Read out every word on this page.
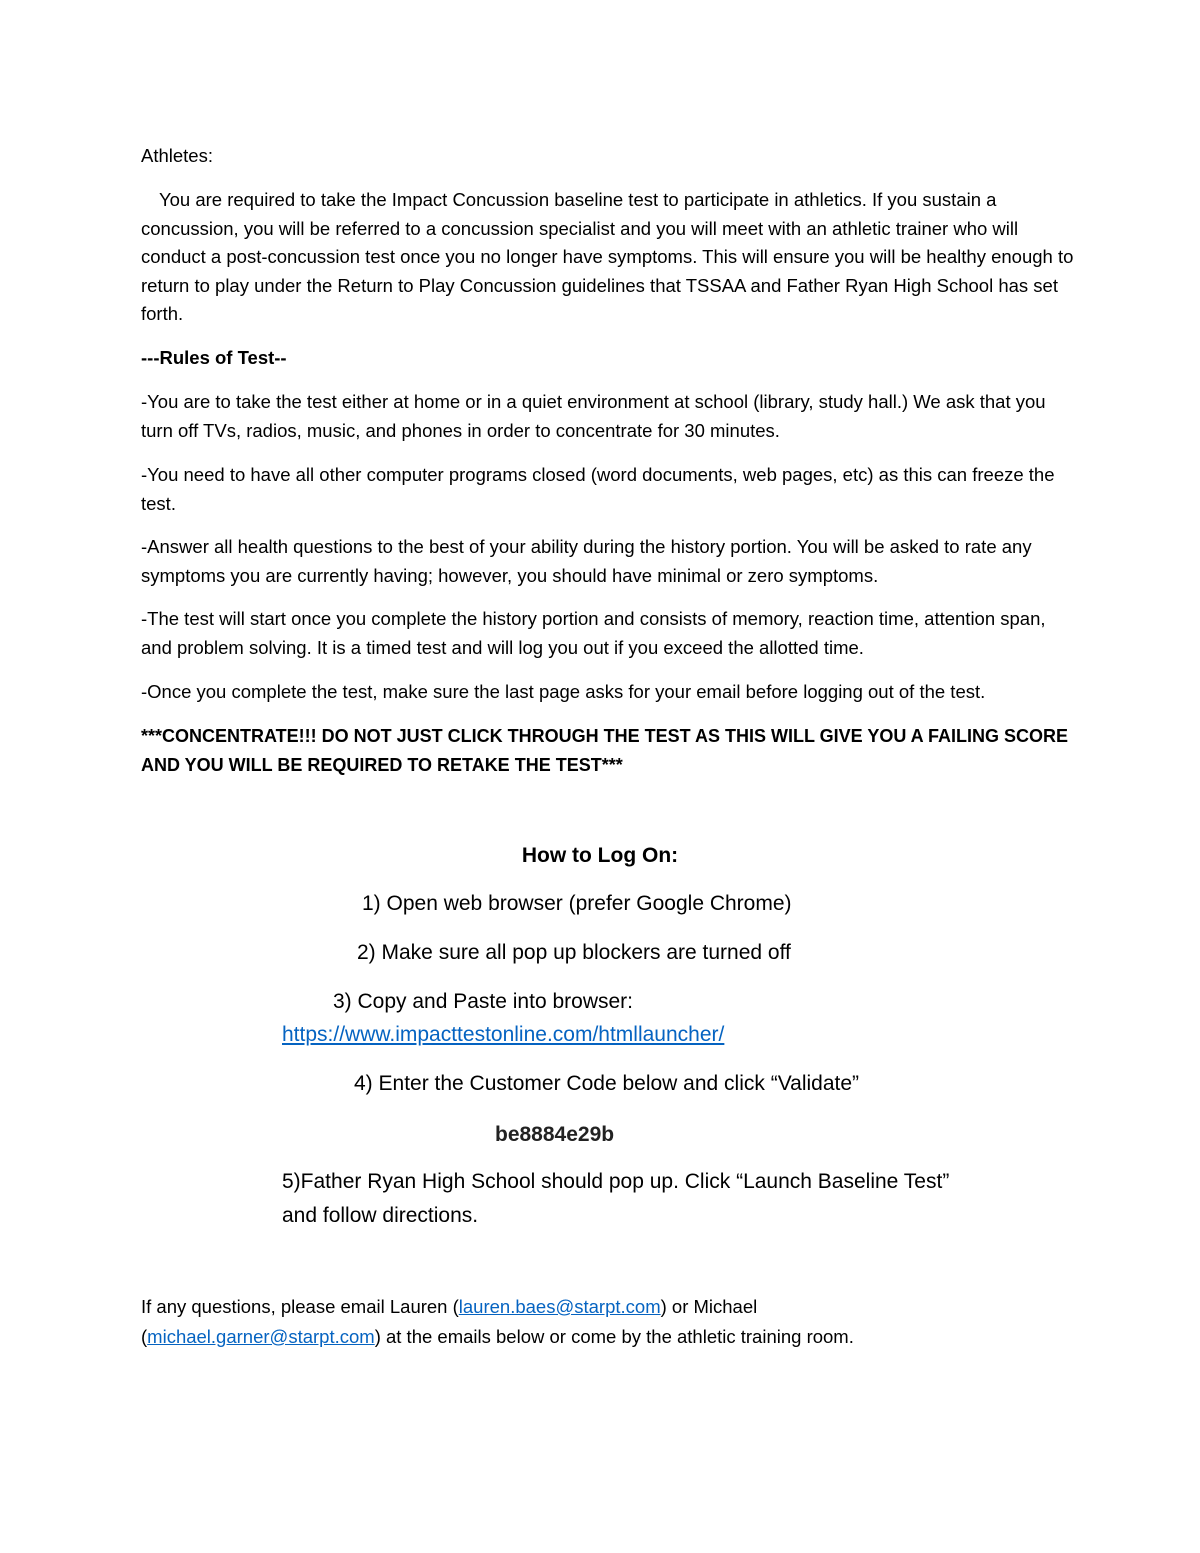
Athletes:

You are required to take the Impact Concussion baseline test to participate in athletics. If you sustain a concussion, you will be referred to a concussion specialist and you will meet with an athletic trainer who will conduct a post-concussion test once you no longer have symptoms. This will ensure you will be healthy enough to return to play under the Return to Play Concussion guidelines that TSSAA and Father Ryan High School has set forth.

---Rules of Test--

-You are to take the test either at home or in a quiet environment at school (library, study hall.) We ask that you turn off TVs, radios, music, and phones in order to concentrate for 30 minutes.

-You need to have all other computer programs closed (word documents, web pages, etc) as this can freeze the test.

-Answer all health questions to the best of your ability during the history portion. You will be asked to rate any symptoms you are currently having; however, you should have minimal or zero symptoms.

-The test will start once you complete the history portion and consists of memory, reaction time, attention span, and problem solving. It is a timed test and will log you out if you exceed the allotted time.

-Once you complete the test, make sure the last page asks for your email before logging out of the test.

***CONCENTRATE!!! DO NOT JUST CLICK THROUGH THE TEST AS THIS WILL GIVE YOU A FAILING SCORE AND YOU WILL BE REQUIRED TO RETAKE THE TEST***

How to Log On:

1) Open web browser (prefer Google Chrome)

2) Make sure all pop up blockers are turned off

3) Copy and Paste into browser:

https://www.impacttestonline.com/htmllauncher/

4) Enter the Customer Code below and click “Validate”

be8884e29b

5)Father Ryan High School should pop up. Click “Launch Baseline Test”

and follow directions.

If any questions, please email Lauren (lauren.baes@starpt.com) or Michael

(michael.garner@starpt.com) at the emails below or come by the athletic training room.
